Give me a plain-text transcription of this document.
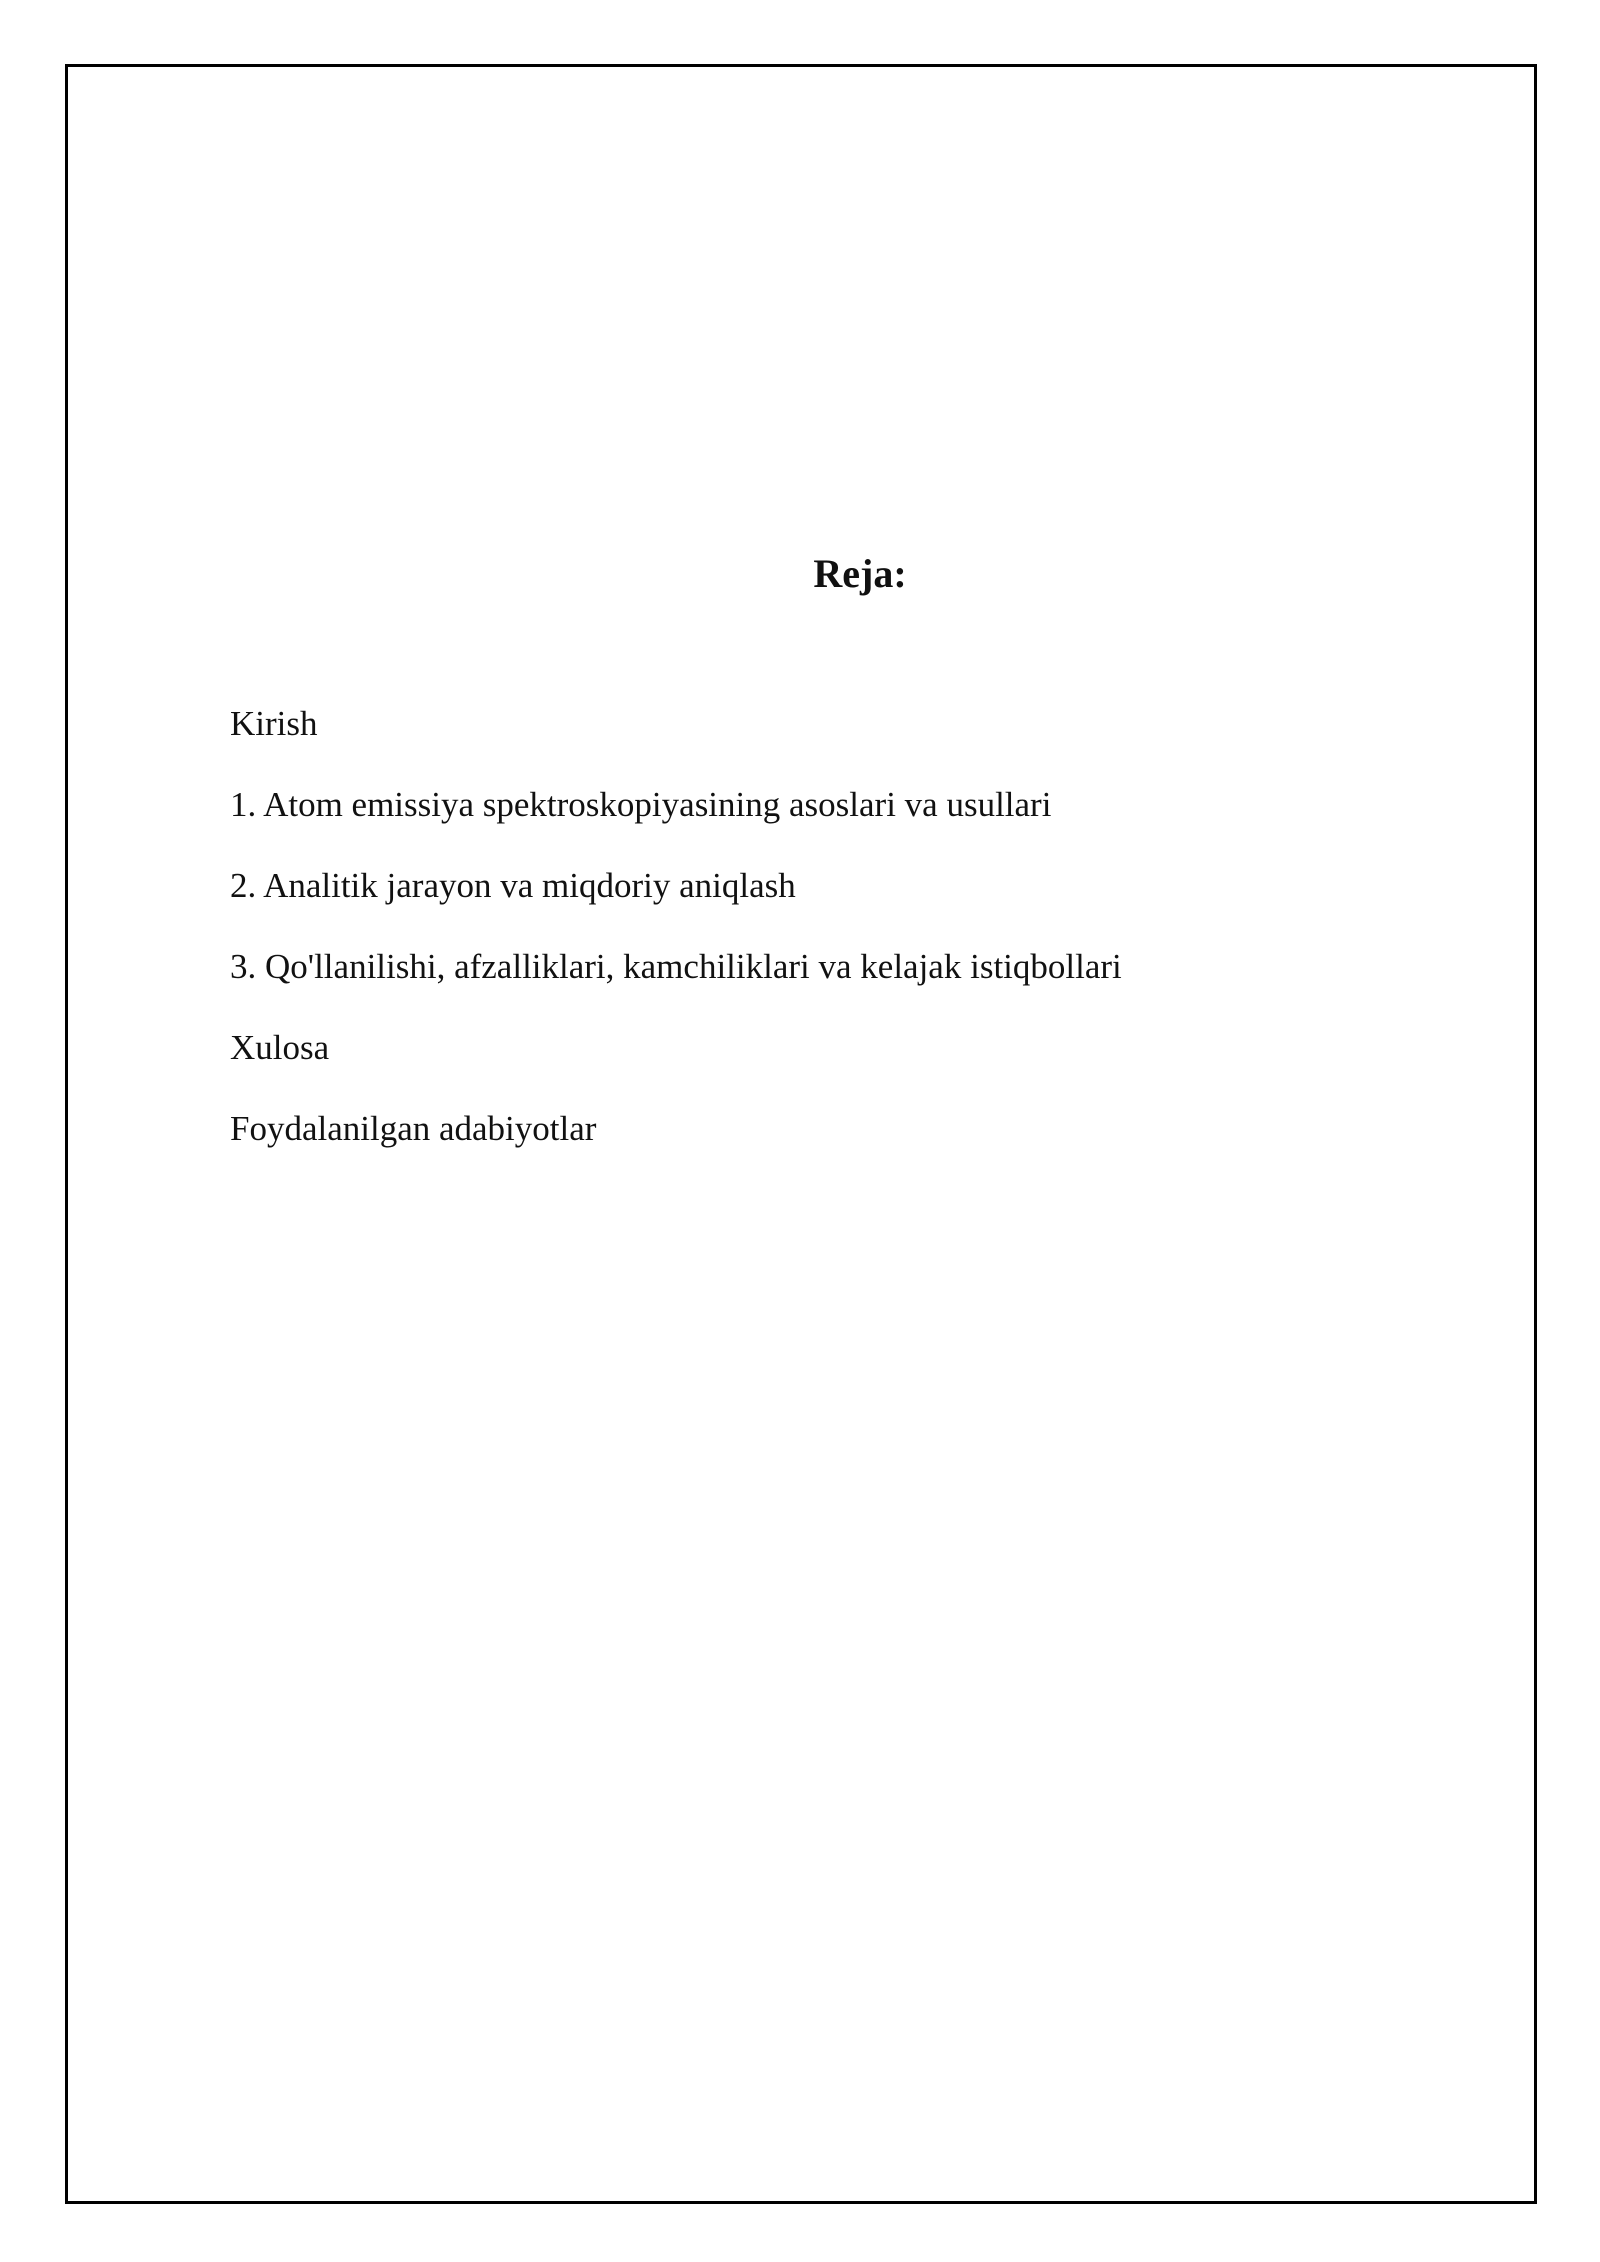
Reja:
Kirish
1. Atom emissiya spektroskopiyasining asoslari va usullari
2. Analitik jarayon va miqdoriy aniqlash
3. Qo'llanilishi, afzalliklari, kamchiliklari va kelajak istiqbollari
Xulosa
Foydalanilgan adabiyotlar
